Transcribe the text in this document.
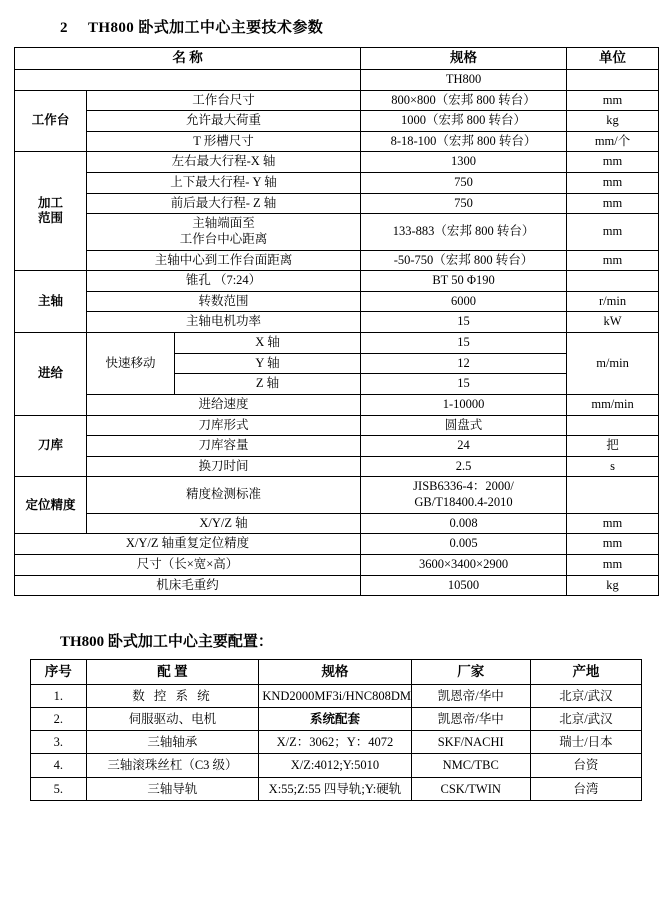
2	TH800 卧式加工中心主要技术参数
名 称			规格	单位
			TH800	
工作台	工作台尺寸		800×800（宏邦 800 转台）	mm
	允许最大荷重		1000（宏邦 800 转台）	kg
	T 形槽尺寸		8-18-100（宏邦 800 转台）	mm/个

加工
范围	左右最大行程-X 轴		1300	mm
	上下最大行程- Y 轴		750	mm
	前后最大行程- Z 轴		750	mm

	主轴端面至
工作台中心距离		133-883（宏邦 800 转台）	mm
	主轴中心到工作台面距离		-50-750（宏邦 800 转台）	mm
主轴	锥孔 （7:24）		BT 50 Φ190	
	转数范围		6000	r/min
	主轴电机功率		15	kW
进给	快速移动	X 轴	15	m/min
		Y 轴	12	
		Z 轴	15	
	进给速度		1-10000	mm/min
刀库	刀库形式		圆盘式	
	刀库容量		24	把
	换刀时间		2.5	s
定位精度	精度检测标准		JISB6336-4：2000/
GB/T18400.4-2010	

	X/Y/Z 轴		0.008	mm
X/Y/Z 轴重复定位精度			0.005	mm
尺寸（长×宽×高）			3600×3400×2900	mm
机床毛重约			10500	kg
TH800 卧式加工中心主要配置：
序号	配 置	规格	厂家	产地
1.	数 控 系 统	KND2000MF3i/HNC808DM	凯恩帝/华中	北京/武汉
2.	伺服驱动、电机	系统配套	凯恩帝/华中	北京/武汉
3.	三轴轴承	X/Z：3062；Y：4072	SKF/NACHI	瑞士/日本
4.	三轴滚珠丝杠（C3 级）	X/Z:4012;Y:5010	NMC/TBC	台资
5.	三轴导轨	X:55;Z:55 四导轨;Y:硬轨	CSK/TWIN	台湾
